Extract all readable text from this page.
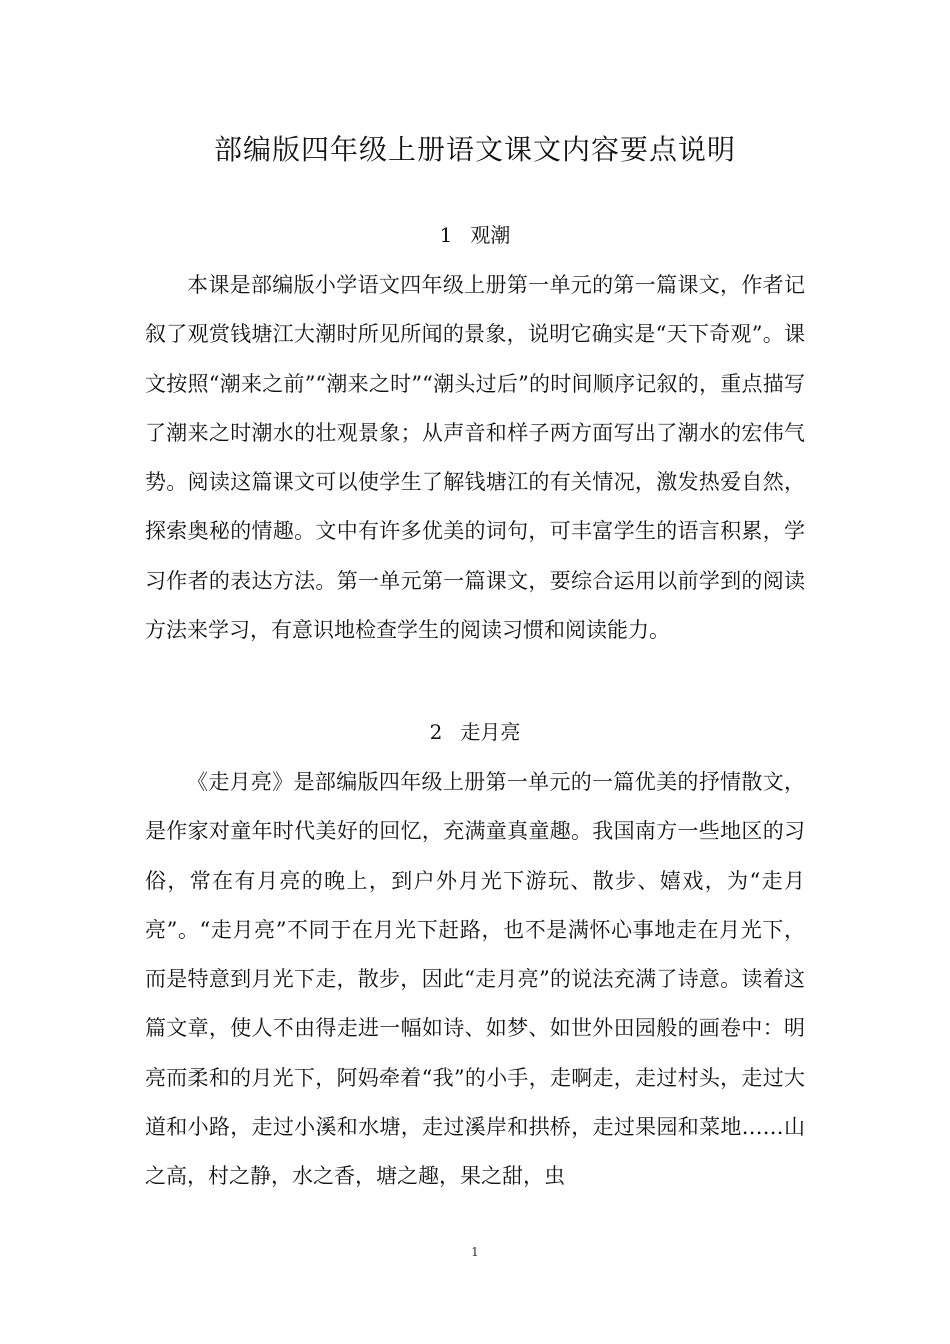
部编版四年级上册语文课文内容要点说明
1 观潮

本课是部编版小学语文四年级上册第一单元的第一篇课文，作者记叙了观赏钱塘江大潮时所见所闻的景象，说明它确实是“天下奇观”。课文按照“潮来之前”“潮来之时”“潮头过后”的时间顺序记叙的，重点描写了潮来之时潮水的壮观景象；从声音和样子两方面写出了潮水的宏伟气势。阅读这篇课文可以使学生了解钱塘江的有关情况，激发热爱自然，探索奥秘的情趣。文中有许多优美的词句，可丰富学生的语言积累，学习作者的表达方法。第一单元第一篇课文，要综合运用以前学到的阅读方法来学习，有意识地检查学生的阅读习惯和阅读能力。

2 走月亮

《走月亮》是部编版四年级上册第一单元的一篇优美的抒情散文，是作家对童年时代美好的回忆，充满童真童趣。我国南方一些地区的习俗，常在有月亮的晚上，到户外月光下游玩、散步、嬉戏，为“走月亮”。“走月亮”不同于在月光下赶路，也不是满怀心事地走在月光下，而是特意到月光下走，散步，因此“走月亮”的说法充满了诗意。读着这篇文章，使人不由得走进一幅如诗、如梦、如世外田园般的画卷中：明亮而柔和的月光下，阿妈牵着“我”的小手，走啊走，走过村头，走过大道和小路，走过小溪和水塘，走过溪岸和拱桥，走过果园和菜地……山之高，村之静，水之香，塘之趣，果之甜，虫

1
